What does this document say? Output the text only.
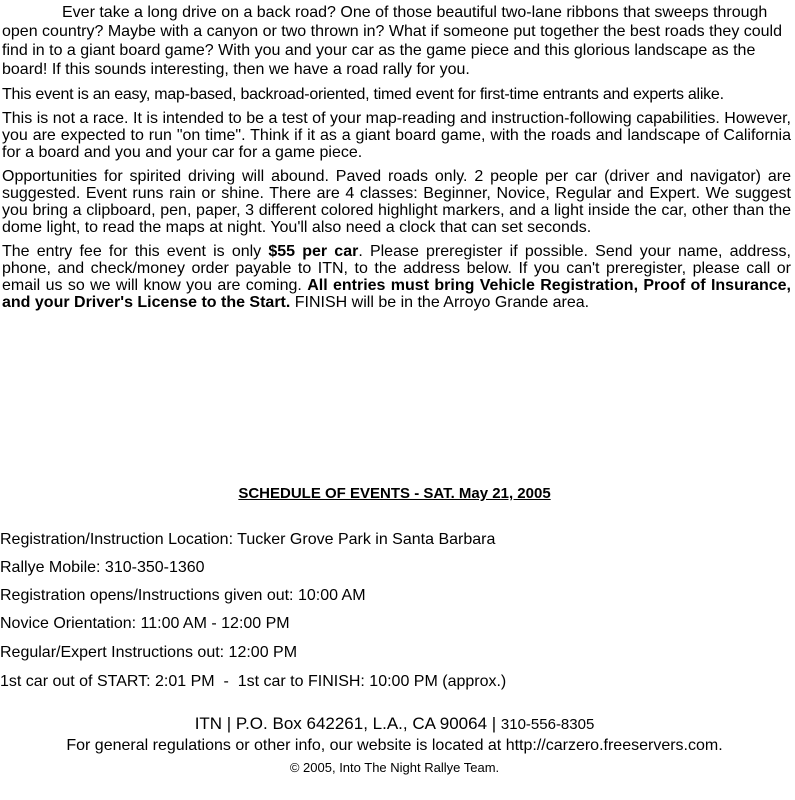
Ever take a long drive on a back road? One of those beautiful two-lane ribbons that sweeps through open country? Maybe with a canyon or two thrown in? What if someone put together the best roads they could find in to a giant board game? With you and your car as the game piece and this glorious landscape as the board! If this sounds interesting, then we have a road rally for you.

This event is an easy, map-based, backroad-oriented, timed event for first-time entrants and experts alike.

This is not a race. It is intended to be a test of your map-reading and instruction-following capabilities. However, you are expected to run "on time". Think if it as a giant board game, with the roads and landscape of California for a board and you and your car for a game piece.

Opportunities for spirited driving will abound. Paved roads only. 2 people per car (driver and navigator) are suggested. Event runs rain or shine. There are 4 classes: Beginner, Novice, Regular and Expert. We suggest you bring a clipboard, pen, paper, 3 different colored highlight markers, and a light inside the car, other than the dome light, to read the maps at night. You'll also need a clock that can set seconds.

The entry fee for this event is only $55 per car. Please preregister if possible. Send your name, address, phone, and check/money order payable to ITN, to the address below. If you can't preregister, please call or email us so we will know you are coming. All entries must bring Vehicle Registration, Proof of Insurance, and your Driver's License to the Start. FINISH will be in the Arroyo Grande area.

SCHEDULE OF EVENTS - SAT. May 21, 2005
Registration/Instruction Location: Tucker Grove Park in Santa Barbara
Rallye Mobile: 310-350-1360
Registration opens/Instructions given out: 10:00 AM
Novice Orientation: 11:00 AM - 12:00 PM
Regular/Expert Instructions out: 12:00 PM
1st car out of START: 2:01 PM  -  1st car to FINISH: 10:00 PM (approx.)
ITN | P.O. Box 642261, L.A., CA 90064 | 310-556-8305
For general regulations or other info, our website is located at http://carzero.freeservers.com.
© 2005, Into The Night Rallye Team.
